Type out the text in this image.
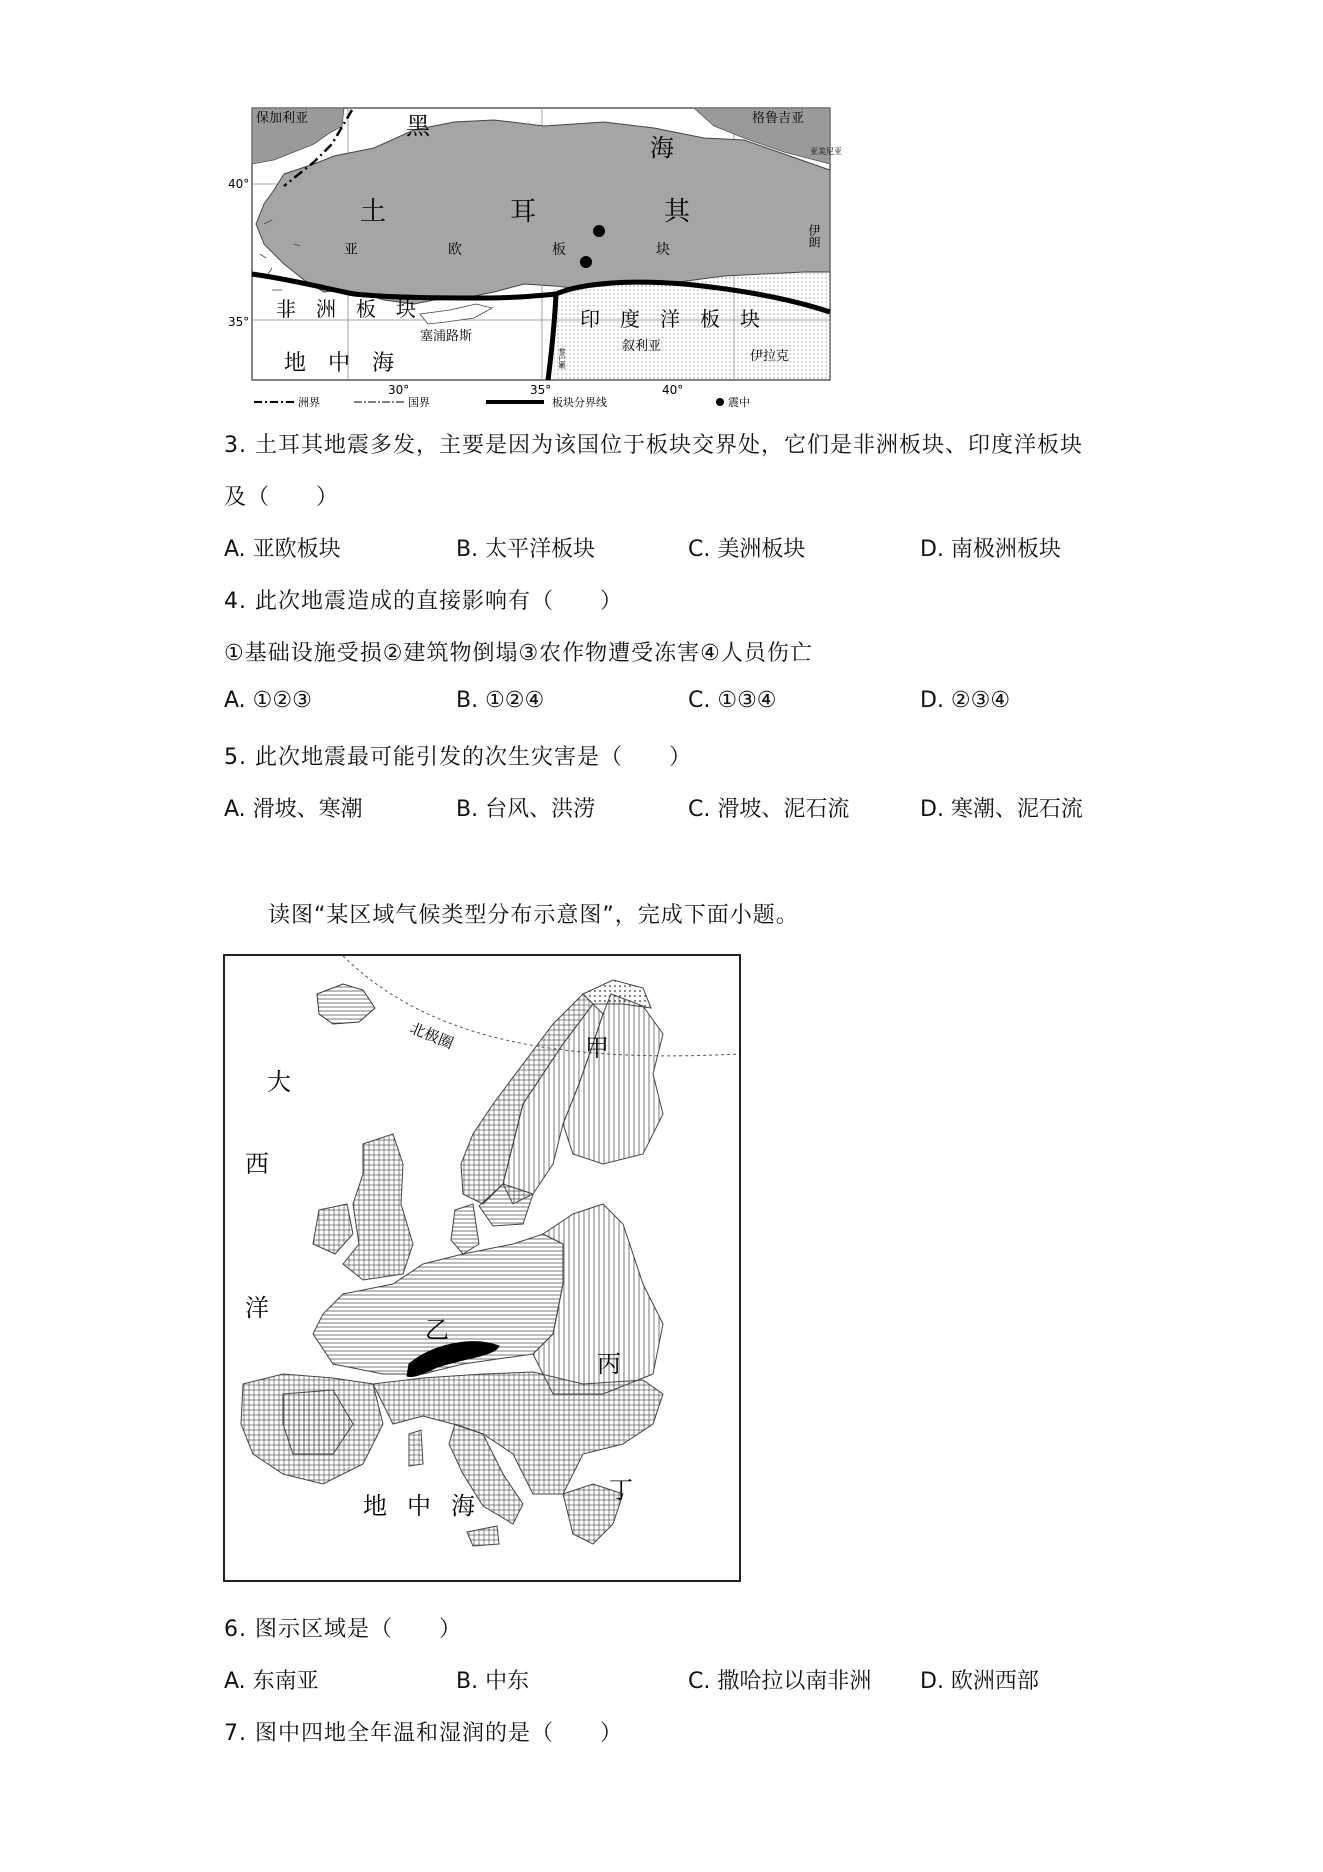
保加利亚	黑
海
格鲁吉亚
亚美尼亚
40°
35°
土	耳	其
伊朗
亚	欧	板	块
非　洲　板　块	印　度　洋　板　块
塞浦路斯
黎巴嫩
叙利亚
伊拉克
地　中　海
30°	35°	40°
洲界	国界	板块分界线	震中
3. 土耳其地震多发，主要是因为该国位于板块交界处，它们是非洲板块、印度洋板块
及（　　）
A. 亚欧板块	B. 太平洋板块	C. 美洲板块	D. 南极洲板块
4. 此次地震造成的直接影响有（　　）
①基础设施受损②建筑物倒塌③农作物遭受冻害④人员伤亡
A. ①②③	B. ①②④	C. ①③④	D. ②③④
5. 此次地震最可能引发的次生灾害是（　　）
A. 滑坡、寒潮	B. 台风、洪涝	C. 滑坡、泥石流	D. 寒潮、泥石流
读图“某区域气候类型分布示意图”，完成下面小题。
北极圈
大
西
洋
甲
乙
丙
丁
地 中 海
6. 图示区域是（　　）
A. 东南亚	B. 中东	C. 撒哈拉以南非洲 D. 欧洲西部
7. 图中四地全年温和湿润的是（　　）
